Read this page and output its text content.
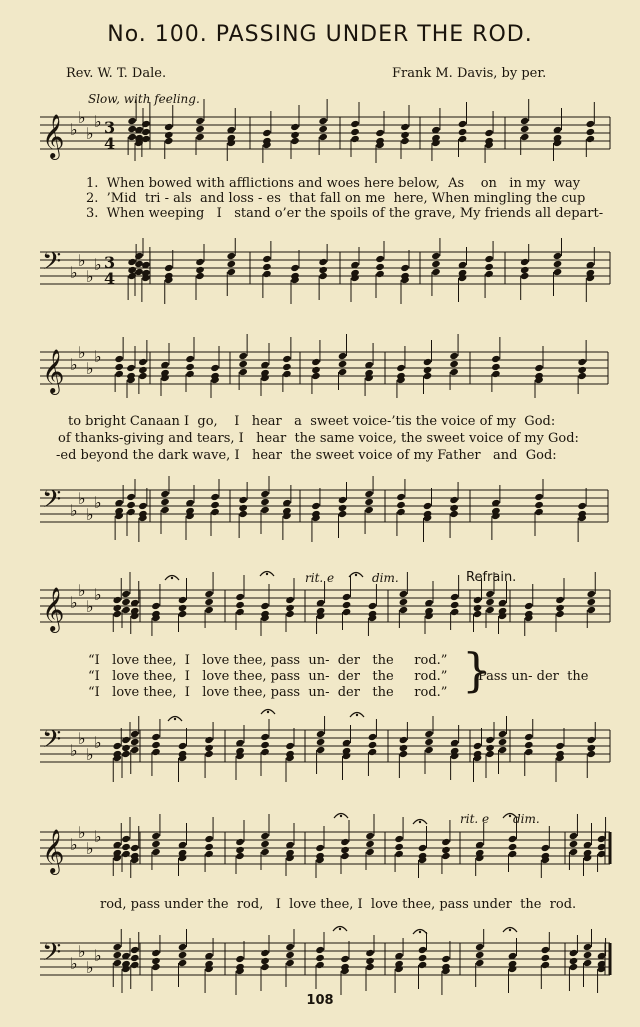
No. 100. PASSING UNDER THE ROD.
Rev. W. T. Dale.	Frank M. Davis, by per.
Slow, with feeling.
𝄞 ♭
♭
♭
♭ 3
4
𝄢 ♭
♭
♭
♭ 3
4
𝄞 ♭
♭
♭
♭
𝄢 ♭
♭
♭
♭
𝄞 ♭
♭
♭
♭
𝄢 ♭
♭
♭
♭
𝄞 ♭
♭
♭
♭
𝄢 ♭
♭
♭
♭
1.  When bowed with afflictions and woes here below,  As    on   in my  way
2.  ’Mid  tri - als  and loss - es  that fall on me  here, When mingling the cup
3.  When weeping   I   stand o’er the spoils of the grave, My friends all depart-
to bright Canaan I  go,    I   hear   a  sweet voice-’tis the voice of my  God:
of thanks-giving and tears, I   hear  the same voice, the sweet voice of my God:
-ed beyond the dark wave, I   hear  the sweet voice of my Father   and  God:
rit. e	dim.	Refrain.
“I   love thee,  I   love thee, pass  un-  der   the     rod.”
“I   love thee,  I   love thee, pass  un-  der   the     rod.”
“I   love thee,  I   love thee, pass  un-  der   the     rod.” }
Pass un- der  the
rit. e dim.
rod, pass under the  rod,   I  love thee, I  love thee, pass under  the  rod.
108
